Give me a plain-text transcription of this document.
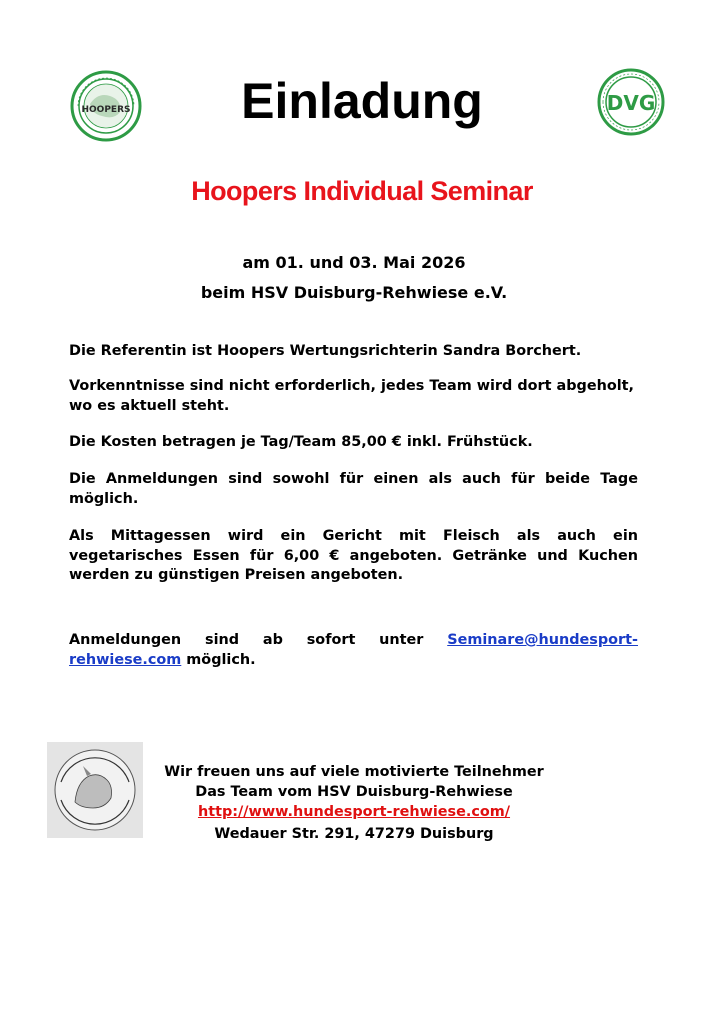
HOOPERS	Einladung	DVG
Hoopers Individual Seminar
am 01. und 03. Mai 2026
beim HSV Duisburg-Rehwiese e.V.
Die Referentin ist Hoopers Wertungsrichterin Sandra Borchert.
Vorkenntnisse sind nicht erforderlich, jedes Team wird dort abgeholt, wo es aktuell steht.
Die Kosten betragen je Tag/Team 85,00 € inkl. Frühstück.
Die Anmeldungen sind sowohl für einen als auch für beide Tage möglich.
Als Mittagessen wird ein Gericht mit Fleisch als auch ein vegetarisches Essen für 6,00 € angeboten. Getränke und Kuchen werden zu günstigen Preisen angeboten.
Anmeldungen sind ab sofort unter Seminare@hundesport-rehwiese.com möglich.
Wir freuen uns auf viele motivierte Teilnehmer
Das Team vom HSV Duisburg-Rehwiese
http://www.hundesport-rehwiese.com/
Wedauer Str. 291, 47279 Duisburg
